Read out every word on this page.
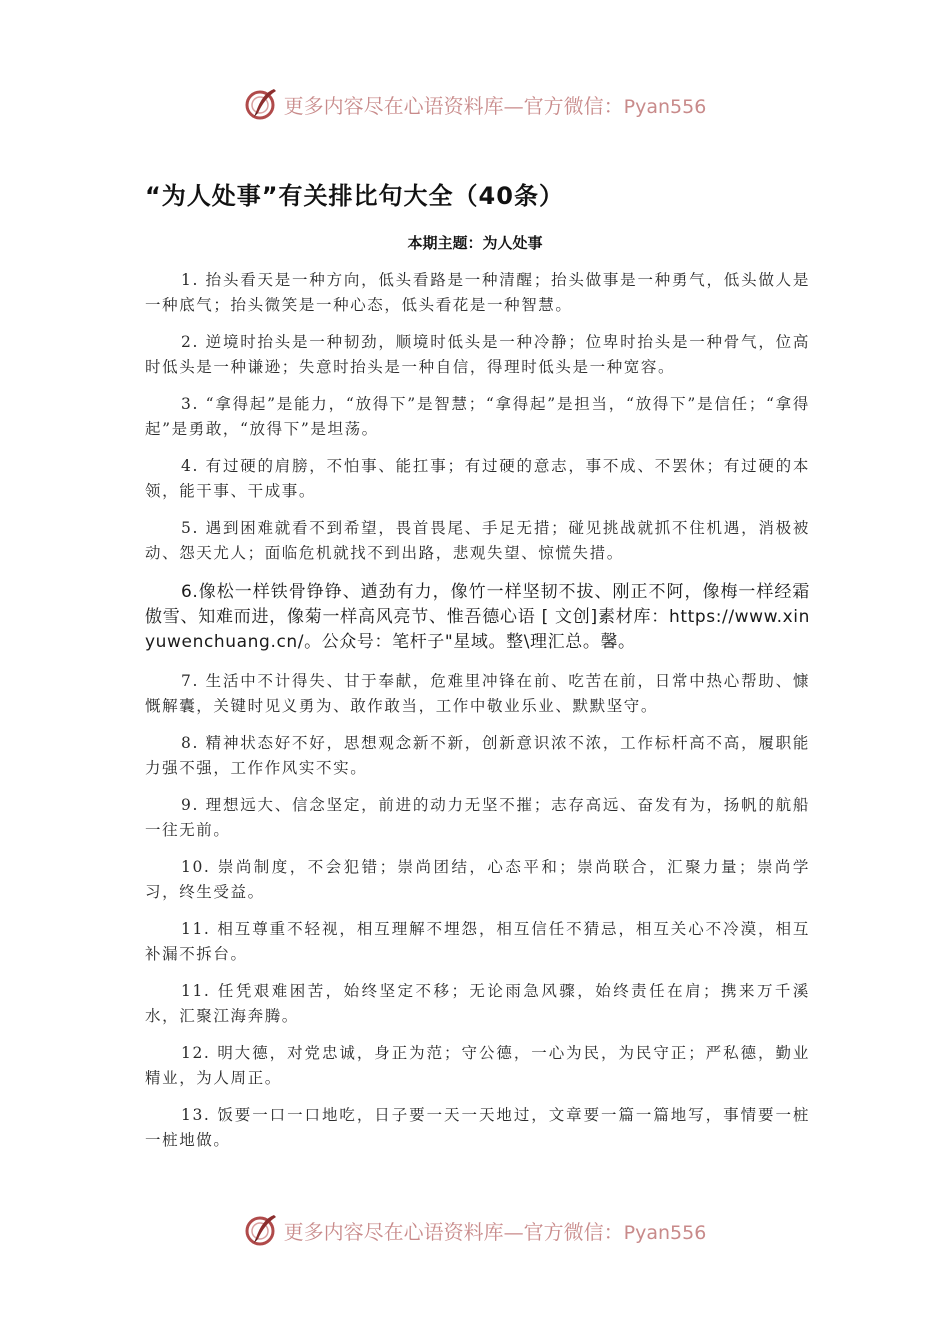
更多内容尽在心语资料库—官方微信：Pyan556
“为人处事”有关排比句大全（40条）
本期主题：为人处事

1. 抬头看天是一种方向，低头看路是一种清醒；抬头做事是一种勇气，低头做人是一种底气；抬头微笑是一种心态，低头看花是一种智慧。

2. 逆境时抬头是一种韧劲，顺境时低头是一种冷静；位卑时抬头是一种骨气，位高时低头是一种谦逊；失意时抬头是一种自信，得理时低头是一种宽容。

3. “拿得起”是能力，“放得下”是智慧；“拿得起”是担当，“放得下”是信任；“拿得起”是勇敢，“放得下”是坦荡。

4. 有过硬的肩膀，不怕事、能扛事；有过硬的意志，事不成、不罢休；有过硬的本领，能干事、干成事。

5. 遇到困难就看不到希望，畏首畏尾、手足无措；碰见挑战就抓不住机遇，消极被动、怨天尤人；面临危机就找不到出路，悲观失望、惊慌失措。

6.像松一样铁骨铮铮、遒劲有力，像竹一样坚韧不拔、刚正不阿，像梅一样经霜傲雪、知难而进，像菊一样高风亮节、惟吾德心语 [ 文创]素材库：https://www.xinyuwenchuang.cn/。公众号：笔杆子"星域。整\理汇总。馨。

7. 生活中不计得失、甘于奉献，危难里冲锋在前、吃苦在前，日常中热心帮助、慷慨解囊，关键时见义勇为、敢作敢当，工作中敬业乐业、默默坚守。

8. 精神状态好不好，思想观念新不新，创新意识浓不浓，工作标杆高不高，履职能力强不强，工作作风实不实。

9. 理想远大、信念坚定，前进的动力无坚不摧；志存高远、奋发有为，扬帆的航船一往无前。

10. 崇尚制度，不会犯错；崇尚团结，心态平和；崇尚联合，汇聚力量；崇尚学习，终生受益。

11. 相互尊重不轻视，相互理解不埋怨，相互信任不猜忌，相互关心不冷漠，相互补漏不拆台。

11. 任凭艰难困苦，始终坚定不移；无论雨急风骤，始终责任在肩；携来万千溪水，汇聚江海奔腾。

12. 明大德，对党忠诚，身正为范；守公德，一心为民，为民守正；严私德，勤业精业，为人周正。

13. 饭要一口一口地吃，日子要一天一天地过，文章要一篇一篇地写，事情要一桩一桩地做。

更多内容尽在心语资料库—官方微信：Pyan556
